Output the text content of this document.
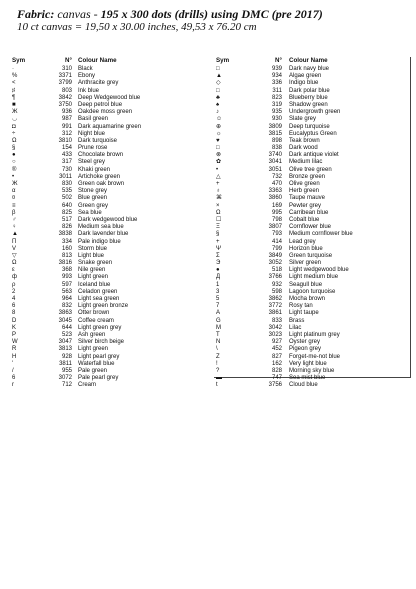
Fabric: canvas - 195 x 300 dots (drills) using DMC (pre 2017)
10 ct canvas = 19,50 x 30.00 inches, 49,53 x 76.20 cm
Sym	N° Colour Name
·	310 Black
%	3371 Ebony
<	3799 Anthracite grey
♯	803 Ink blue
¶	3842 Deep Wedgewood blue
■	3750 Deep petrol blue
Ж	936 Oakdee moss green
◡	987 Basil green
◘	991 Dark aquamarine green
÷	312 Night blue
Ω	3810 Dark turquoise
§	154 Prune rose
●	433 Chocolate brown
○	317 Steel grey
®	730 Khaki green
•	3011 Artichoke green
Ж	830 Green oak brown
α	535 Stone grey
¤	502 Blue green
≡	640 Green grey
β	825 Sea blue
♂	517 Dark wedgewood blue
♀	826 Medium sea blue
▲	3838 Dark lavender blue
Π	334 Pale indigo blue
V	160 Storm blue
▽	813 Light blue
Ω	3816 Snake green
ε	368 Nile green
ф	993 Light green
ρ	597 Iceland blue
2	563 Celadon green
4	964 Light sea green
6	832 Light green bronze
8	3863 Otter brown
D	3045 Coffee cream
K	644 Light green grey
P	523 Ash green
W	3047 Silver birch beige
R	3813 Light green
H	928 Light pearl grey
'	3811 Waterfall blue
/	955 Pale green
6	3072 Pale pearl grey
r	712 Cream
Sym	N° Colour Name
□	939 Dark navy blue
▲	934 Algae green
◇	336 Indigo blue
□	311 Dark polar blue
♣	823 Blueberry blue
♠	319 Shadow green
♪	935 Undergrowth green
☺	930 Slate grey
⊕	3809 Deep turquoise
☼	3815 Eucalyptus Green
♥	898 Teak brown
□	838 Dark wood
⊗	3740 Dark antique violet
✿	3041 Medium lilac
•	3051 Olive tree green
△	732 Bronze green
+	470 Olive green
♁	3363 Herb green
⌘	3860 Taupe mauve
×	169 Pewter grey
Ω	995 Carribean blue
☐	798 Cobalt blue
Ξ	3807 Cornflower blue
§	793 Medium cornflower blue
+	414 Lead grey
Ψ	799 Horizon blue
Σ	3849 Green turquoise
Э	3052 Silver green
●	518 Light wedgewood blue
Д	3766 Light medium blue
1	932 Seagull blue
3	598 Lagoon turquoise
5	3862 Mocha brown
7	3772 Rosy tan
A	3861 Light taupe
G	833 Brass
M	3042 Lilac
T	3023 Light platinum grey
N	927 Oyster grey
\	452 Pigeon grey
Z	827 Forget-me-not blue
!	162 Very light blue
?	828 Morning sky blue
▬	747 Sea mist blue
t	3756 Cloud blue
